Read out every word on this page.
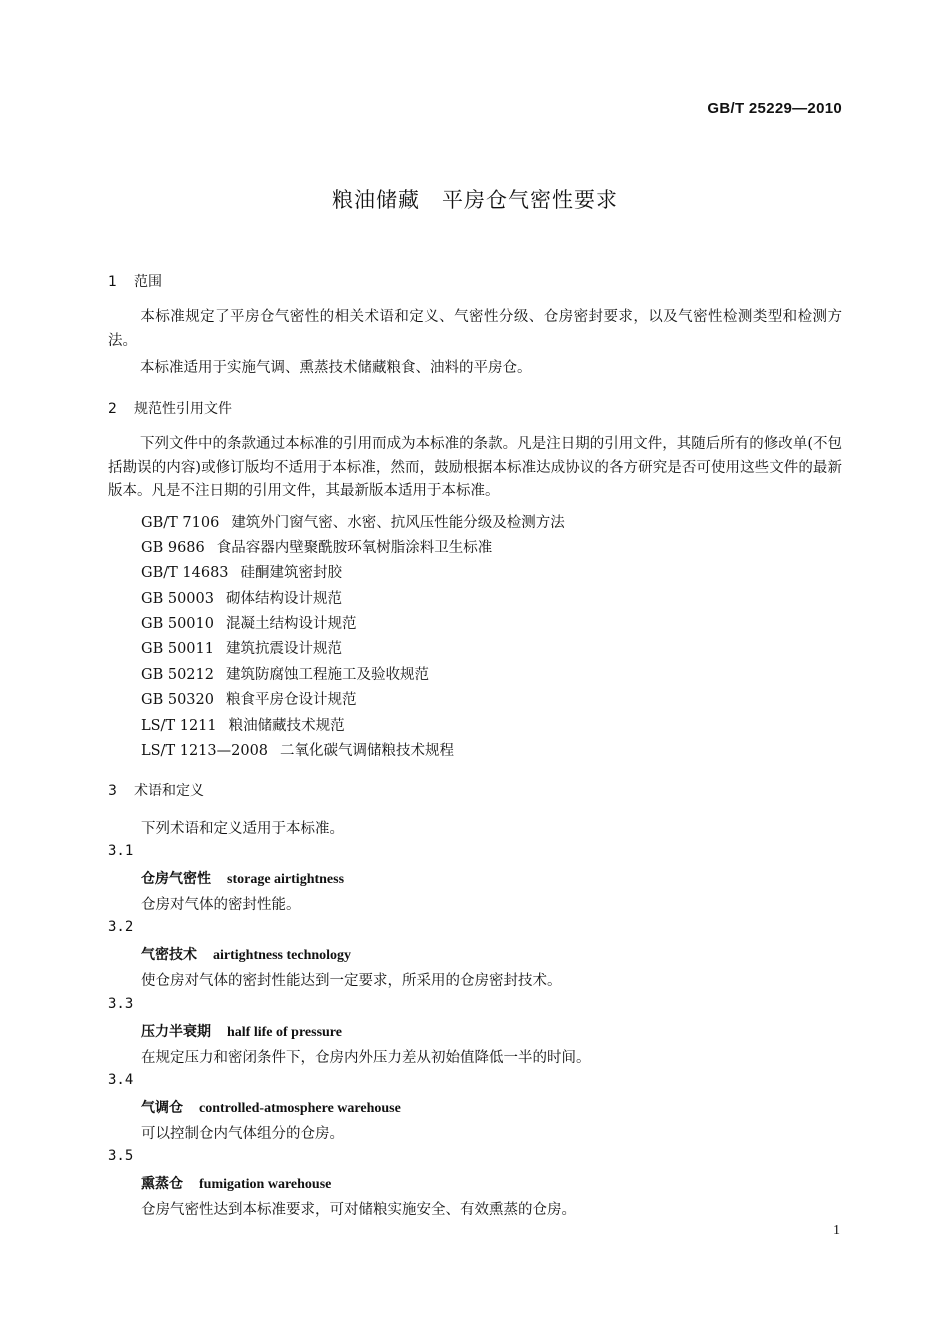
GB/T 25229—2010
粮油储藏　平房仓气密性要求
1 范围
本标准规定了平房仓气密性的相关术语和定义、气密性分级、仓房密封要求，以及气密性检测类型和检测方法。
本标准适用于实施气调、熏蒸技术储藏粮食、油料的平房仓。
2 规范性引用文件
下列文件中的条款通过本标准的引用而成为本标准的条款。凡是注日期的引用文件，其随后所有的修改单(不包括勘误的内容)或修订版均不适用于本标准，然而，鼓励根据本标准达成协议的各方研究是否可使用这些文件的最新版本。凡是不注日期的引用文件，其最新版本适用于本标准。
GB/T 7106 建筑外门窗气密、水密、抗风压性能分级及检测方法
GB 9686 食品容器内壁聚酰胺环氧树脂涂料卫生标准
GB/T 14683 硅酮建筑密封胶
GB 50003 砌体结构设计规范
GB 50010 混凝土结构设计规范
GB 50011 建筑抗震设计规范
GB 50212 建筑防腐蚀工程施工及验收规范
GB 50320 粮食平房仓设计规范
LS/T 1211 粮油储藏技术规范
LS/T 1213—2008 二氧化碳气调储粮技术规程
3 术语和定义
下列术语和定义适用于本标准。
3.1
仓房气密性 storage airtightness
仓房对气体的密封性能。
3.2
气密技术 airtightness technology
使仓房对气体的密封性能达到一定要求，所采用的仓房密封技术。
3.3
压力半衰期 half life of pressure
在规定压力和密闭条件下，仓房内外压力差从初始值降低一半的时间。
3.4
气调仓 controlled-atmosphere warehouse
可以控制仓内气体组分的仓房。
3.5
熏蒸仓 fumigation warehouse
仓房气密性达到本标准要求，可对储粮实施安全、有效熏蒸的仓房。
1
